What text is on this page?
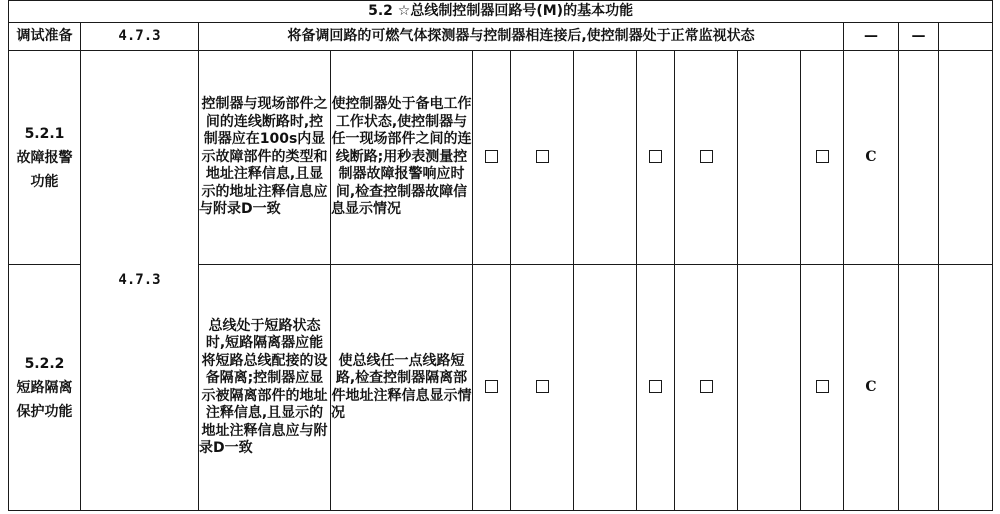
5.2 ☆总线制控制器回路号(M)的基本功能													
调试准备	4.7.3	将备调回路的可燃气体探测器与控制器相连接后,使控制器处于正常监视状态									—	—	

5.2.1
故障报警功能	4.7.3	控制器与现场部件之间的连线断路时,控制器应在100s内显示故障部件的类型和地址注释信息,且显示的地址注释信息应与附录D一致	使控制器处于备电工作工作状态,使控制器与任一现场部件之间的连线断路;用秒表测量控制器故障报警响应时间,检查控制器故障信息显示情况								C		

5.2.2
短路隔离保护功能		总线处于短路状态时,短路隔离器应能将短路总线配接的设备隔离;控制器应显示被隔离部件的地址注释信息,且显示的地址注释信息应与附录D一致	使总线任一点线路短路,检查控制器隔离部件地址注释信息显示情况								C		
